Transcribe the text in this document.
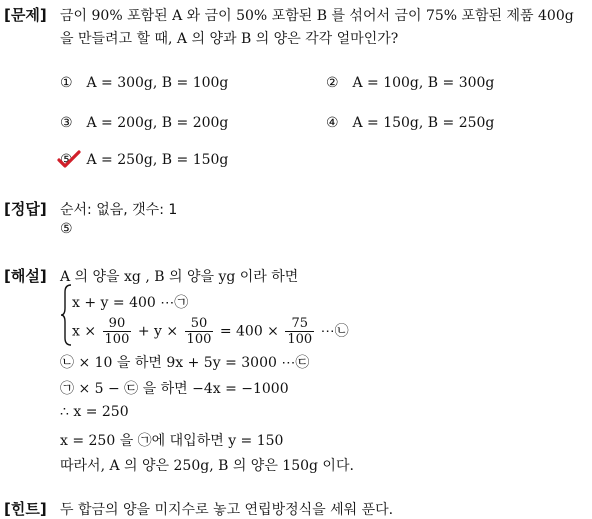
[문제] 금이 90% 포함된 A 와 금이 50% 포함된 B 를 섞어서 금이 75% 포함된 제품 400g
을 만들려고 할 때, A 의 양과 B 의 양은 각각 얼마인가?
① A = 300g, B = 100g	② A = 100g, B = 300g
③ A = 200g, B = 200g	④ A = 150g, B = 250g
⑤ A = 250g, B = 150g
[정답] 순서: 없음, 갯수: 1
⑤
[해설] A 의 양을 xg , B 의 양을 yg 이라 하면
x + y = 400 ⋯㉠
$x \times \frac{90}{100} + y \times \frac{50}{100} = 400 \times \frac{75}{100}$ ⋯㉡
㉡ × 10 을 하면 9x + 5y = 3000 ⋯㉢
㉠ × 5 − ㉢ 을 하면 −4x = −1000
∴ x = 250
x = 250 을 ㉠에 대입하면 y = 150
따라서, A 의 양은 250g, B 의 양은 150g 이다.
[힌트] 두 합금의 양을 미지수로 놓고 연립방정식을 세워 푼다.
